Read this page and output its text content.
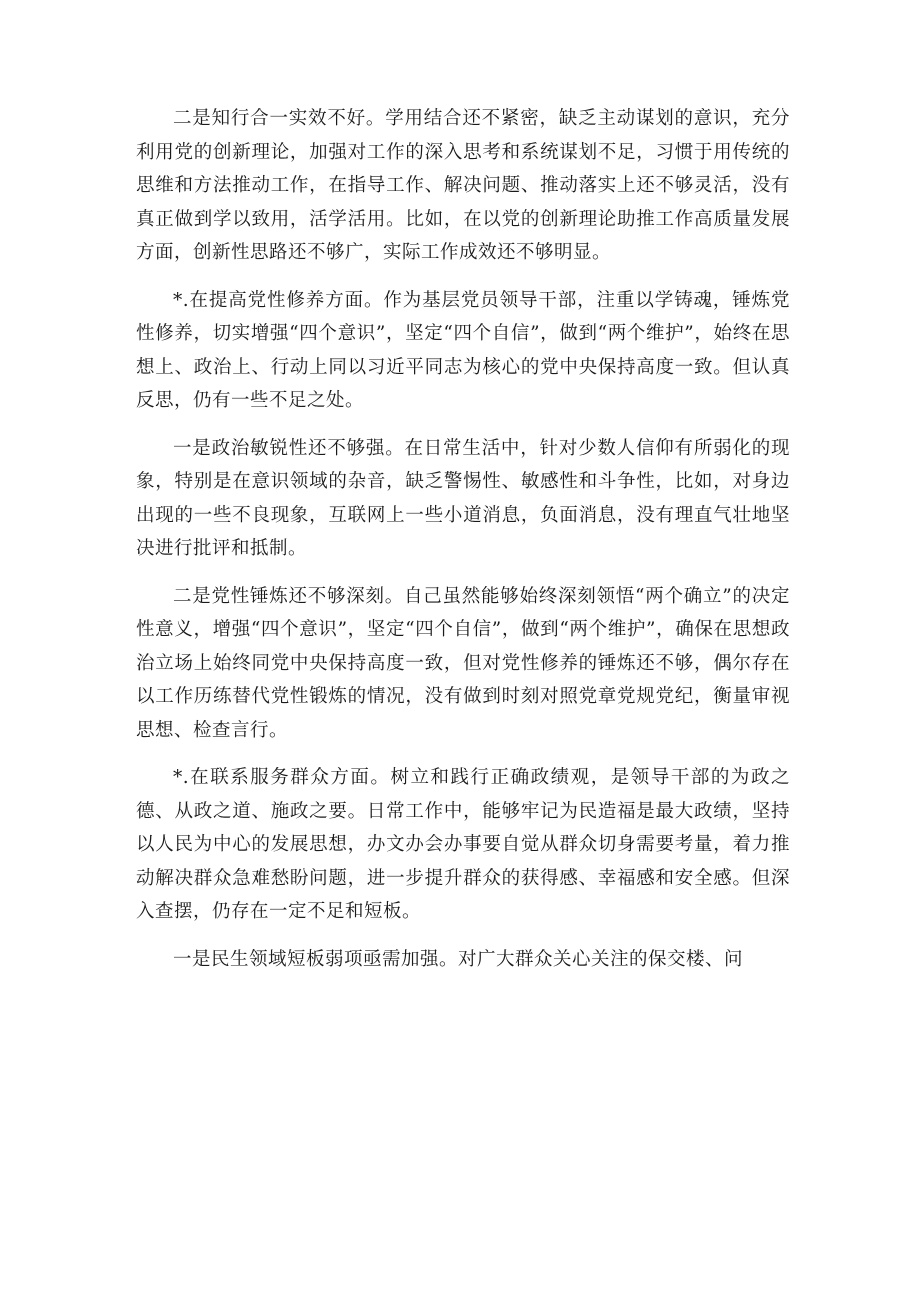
二是知行合一实效不好。学用结合还不紧密，缺乏主动谋划的意识，充分利用党的创新理论，加强对工作的深入思考和系统谋划不足，习惯于用传统的思维和方法推动工作，在指导工作、解决问题、推动落实上还不够灵活，没有真正做到学以致用，活学活用。比如，在以党的创新理论助推工作高质量发展方面，创新性思路还不够广，实际工作成效还不够明显。

*.在提高党性修养方面。作为基层党员领导干部，注重以学铸魂，锤炼党性修养，切实增强“四个意识”，坚定“四个自信”，做到“两个维护”，始终在思想上、政治上、行动上同以习近平同志为核心的党中央保持高度一致。但认真反思，仍有一些不足之处。

一是政治敏锐性还不够强。在日常生活中，针对少数人信仰有所弱化的现象，特别是在意识领域的杂音，缺乏警惕性、敏感性和斗争性，比如，对身边出现的一些不良现象，互联网上一些小道消息，负面消息，没有理直气壮地坚决进行批评和抵制。

二是党性锤炼还不够深刻。自己虽然能够始终深刻领悟“两个确立”的决定性意义，增强“四个意识”，坚定“四个自信”，做到“两个维护”，确保在思想政治立场上始终同党中央保持高度一致，但对党性修养的锤炼还不够，偶尔存在以工作历练替代党性锻炼的情况，没有做到时刻对照党章党规党纪，衡量审视思想、检查言行。

*.在联系服务群众方面。树立和践行正确政绩观，是领导干部的为政之德、从政之道、施政之要。日常工作中，能够牢记为民造福是最大政绩，坚持以人民为中心的发展思想，办文办会办事要自觉从群众切身需要考量，着力推动解决群众急难愁盼问题，进一步提升群众的获得感、幸福感和安全感。但深入查摆，仍存在一定不足和短板。

一是民生领域短板弱项亟需加强。对广大群众关心关注的保交楼、问
